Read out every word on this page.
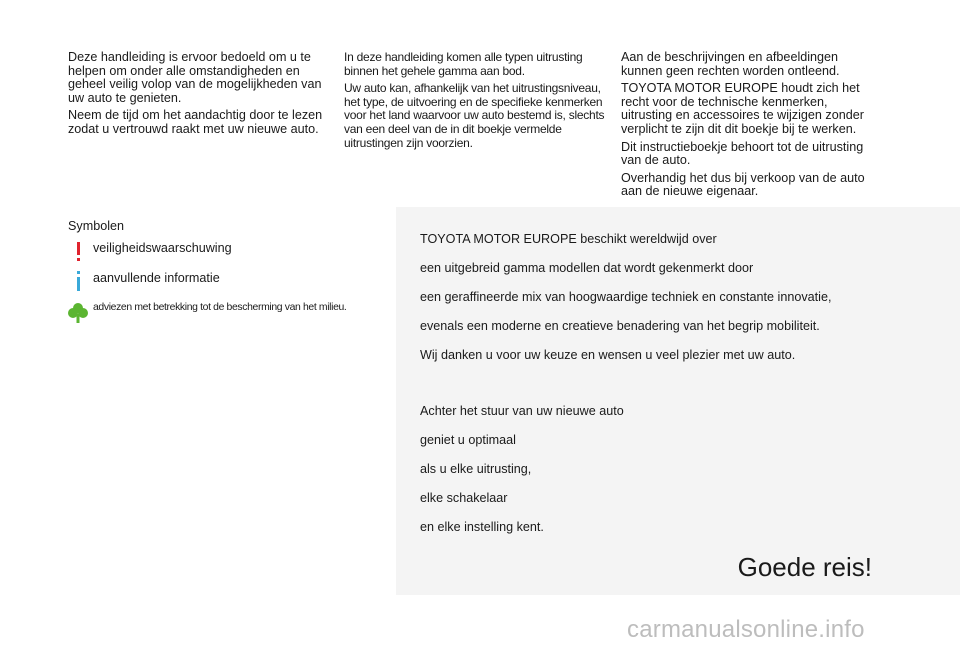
Deze handleiding is ervoor bedoeld om u te helpen om onder alle omstandigheden en geheel veilig volop van de mogelijkheden van uw auto te genieten.

Neem de tijd om het aandachtig door te lezen zodat u vertrouwd raakt met uw nieuwe auto.

In deze handleiding komen alle typen uitrusting binnen het gehele gamma aan bod.

Uw auto kan, afhankelijk van het uitrustingsniveau, het type, de uitvoering en de specifieke kenmerken voor het land waarvoor uw auto bestemd is, slechts van een deel van de in dit boekje vermelde uitrustingen zijn voorzien.

Aan de beschrijvingen en afbeeldingen kunnen geen rechten worden ontleend.

TOYOTA MOTOR EUROPE houdt zich het recht voor de technische kenmerken, uitrusting en accessoires te wijzigen zonder verplicht te zijn dit dit boekje bij te werken.

Dit instructieboekje behoort tot de uitrusting van de auto.

Overhandig het dus bij verkoop van de auto aan de nieuwe eigenaar.

Symbolen
veiligheidswaarschuwing
aanvullende informatie
adviezen met betrekking tot de bescherming van het milieu.
TOYOTA MOTOR EUROPE beschikt wereldwijd over
een uitgebreid gamma modellen dat wordt gekenmerkt door
een geraffineerde mix van hoogwaardige techniek en constante innovatie,
evenals een moderne en creatieve benadering van het begrip mobiliteit.
Wij danken u voor uw keuze en wensen u veel plezier met uw auto.
Achter het stuur van uw nieuwe auto
geniet u optimaal
als u elke uitrusting,
elke schakelaar
en elke instelling kent.
Goede reis!
carmanualsonline.info
